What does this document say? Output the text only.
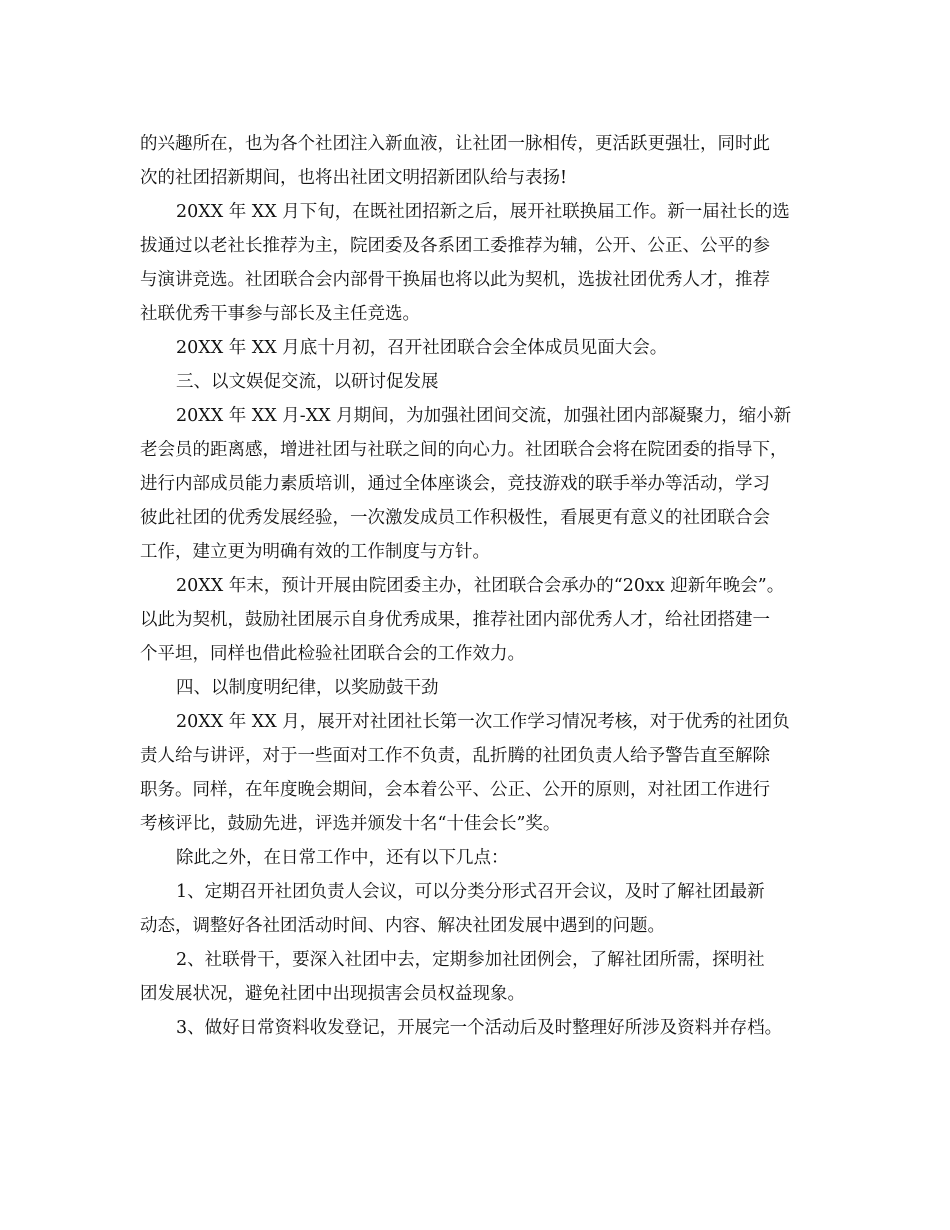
的兴趣所在，也为各个社团注入新血液，让社团一脉相传，更活跃更强壮，同时此
次的社团招新期间，也将出社团文明招新团队给与表扬!
20XX 年 XX 月下旬，在既社团招新之后，展开社联换届工作。新一届社长的选
拔通过以老社长推荐为主，院团委及各系团工委推荐为辅，公开、公正、公平的参
与演讲竞选。社团联合会内部骨干换届也将以此为契机，选拔社团优秀人才，推荐
社联优秀干事参与部长及主任竞选。
20XX 年 XX 月底十月初，召开社团联合会全体成员见面大会。
三、以文娱促交流，以研讨促发展
20XX 年 XX 月-XX 月期间，为加强社团间交流，加强社团内部凝聚力，缩小新
老会员的距离感，增进社团与社联之间的向心力。社团联合会将在院团委的指导下，
进行内部成员能力素质培训，通过全体座谈会，竞技游戏的联手举办等活动，学习
彼此社团的优秀发展经验，一次激发成员工作积极性，看展更有意义的社团联合会
工作，建立更为明确有效的工作制度与方针。
20XX 年末，预计开展由院团委主办，社团联合会承办的“20xx 迎新年晚会”。
以此为契机，鼓励社团展示自身优秀成果，推荐社团内部优秀人才，给社团搭建一
个平坦，同样也借此检验社团联合会的工作效力。
四、以制度明纪律，以奖励鼓干劲
20XX 年 XX 月，展开对社团社长第一次工作学习情况考核，对于优秀的社团负
责人给与讲评，对于一些面对工作不负责，乱折腾的社团负责人给予警告直至解除
职务。同样，在年度晚会期间，会本着公平、公正、公开的原则，对社团工作进行
考核评比，鼓励先进，评选并颁发十名“十佳会长”奖。
除此之外，在日常工作中，还有以下几点：
1、定期召开社团负责人会议，可以分类分形式召开会议，及时了解社团最新
动态，调整好各社团活动时间、内容、解决社团发展中遇到的问题。
2、社联骨干，要深入社团中去，定期参加社团例会，了解社团所需，探明社
团发展状况，避免社团中出现损害会员权益现象。
3、做好日常资料收发登记，开展完一个活动后及时整理好所涉及资料并存档。
